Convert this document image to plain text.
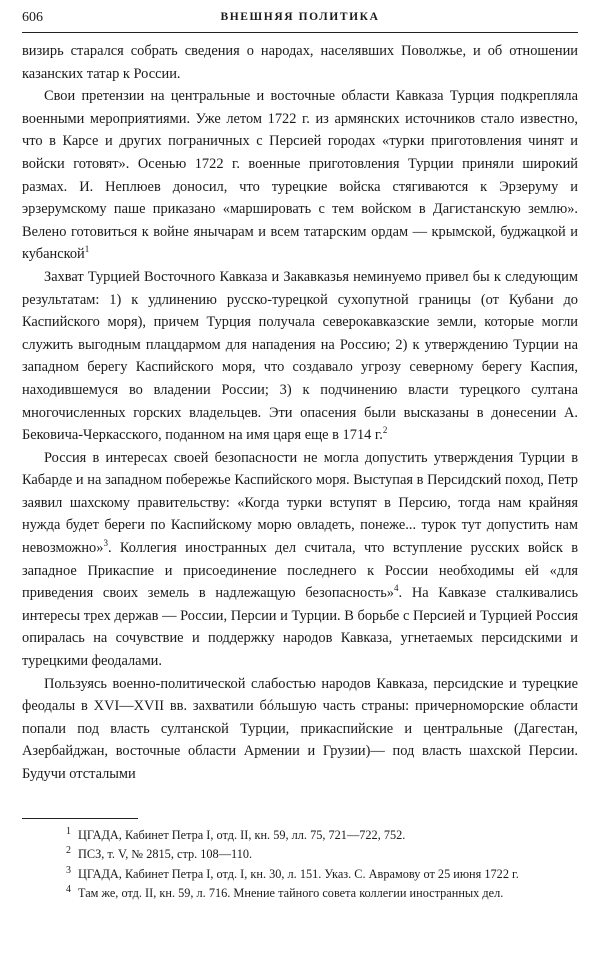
606	ВНЕШНЯЯ ПОЛИТИКА

визирь старался собрать сведения о народах, населявших Поволжье, и об отношении казанских татар к России.

Свои претензии на центральные и восточные области Кавказа Турция подкрепляла военными мероприятиями. Уже летом 1722 г. из армянских источников стало известно, что в Карсе и других пограничных с Персией городах «турки приготовления чинят и войски готовят». Осенью 1722 г. военные приготовления Турции приняли широкий размах. И. Неплюев доносил, что турецкие войска стягиваются к Эрзеруму и эрзерумскому паше приказано «маршировать с тем войском в Дагистанскую землю». Велено готовиться к войне янычарам и всем татарским ордам — крымской, буджацкой и кубанской$^1$

Захват Турцией Восточного Кавказа и Закавказья неминуемо привел бы к следующим результатам: 1) к удлинению русско-турецкой сухопутной границы (от Кубани до Каспийского моря), причем Турция получала северокавказские земли, которые могли служить выгодным плацдармом для нападения на Россию; 2) к утверждению Турции на западном берегу Каспийского моря, что создавало угрозу северному берегу Каспия, находившемуся во владении России; 3) к подчинению власти турецкого султана многочисленных горских владельцев. Эти опасения были высказаны в донесении А. Бековича-Черкасского, поданном на имя царя еще в 1714 г.$^2$

Россия в интересах своей безопасности не могла допустить утверждения Турции в Кабарде и на западном побережье Каспийского моря. Выступая в Персидский поход, Петр заявил шахскому правительству: «Когда турки вступят в Персию, тогда нам крайняя нужда будет береги по Каспийскому морю овладеть, понеже... турок тут допустить нам невозможно»$^3$. Коллегия иностранных дел считала, что вступление русских войск в западное Прикаспие и присоединение последнего к России необходимы ей «для приведения своих земель в надлежащую безопасность»$^4$. На Кавказе сталкивались интересы трех держав — России, Персии и Турции. В борьбе с Персией и Турцией Россия опиралась на сочувствие и поддержку народов Кавказа, угнетаемых персидскими и турецкими феодалами.

Пользуясь военно-политической слабостью народов Кавказа, персидские и турецкие феодалы в XVI—XVII вв. захватили бóльшую часть страны: причерноморские области попали под власть султанской Турции, прикаспийские и центральные (Дагестан, Азербайджан, восточные области Армении и Грузии)— под власть шахской Персии. Будучи отсталыми

1 ЦГАДА, Кабинет Петра I, отд. II, кн. 59, лл. 75, 721—722, 752.

2 ПСЗ, т. V, № 2815, стр. 108—110.

3 ЦГАДА, Кабинет Петра I, отд. I, кн. 30, л. 151. Указ. С. Аврамову от 25 июня 1722 г.

4 Там же, отд. II, кн. 59, л. 716. Мнение тайного совета коллегии иностранных дел.
